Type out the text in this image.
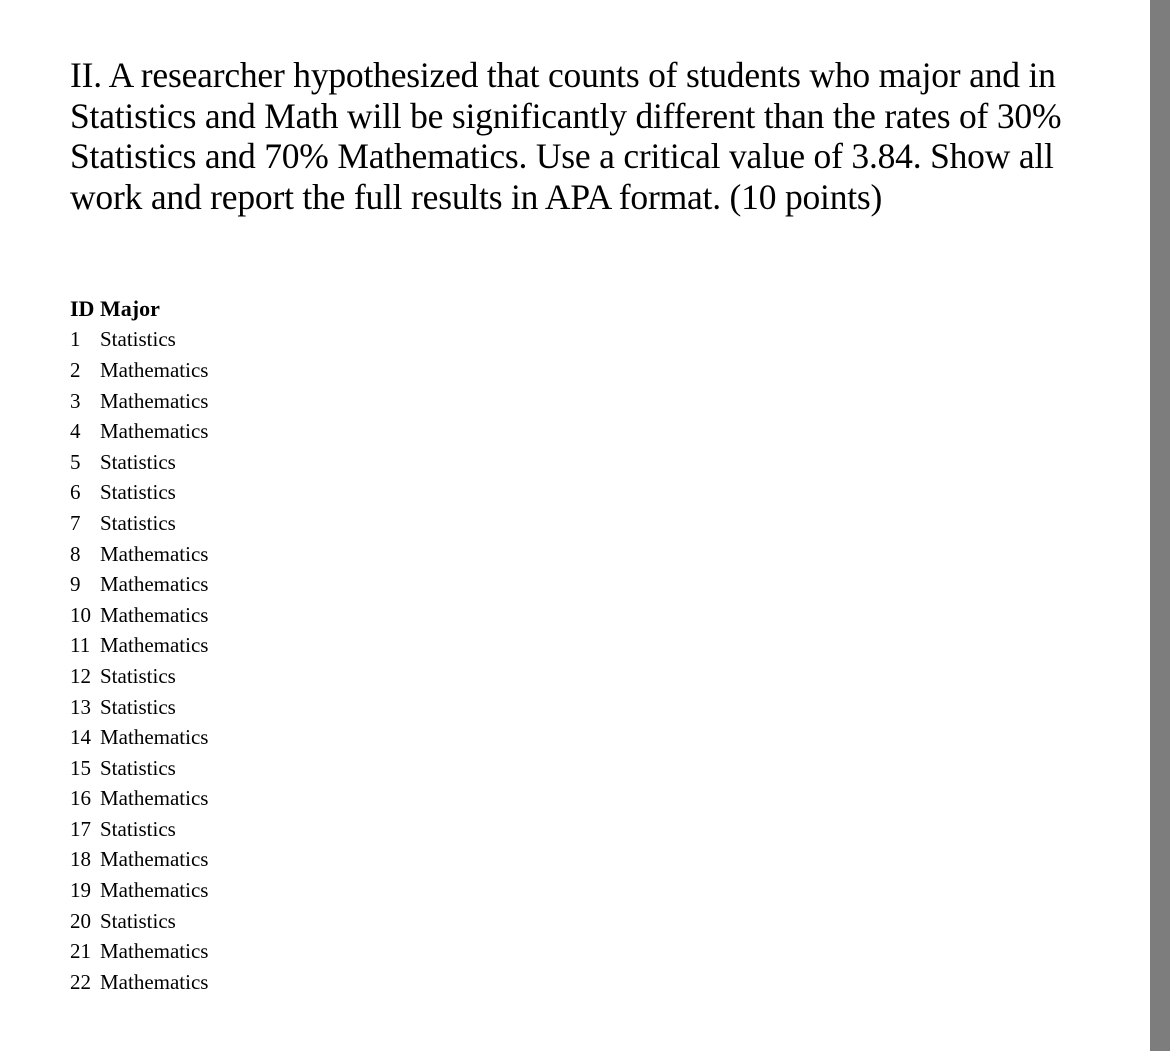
II. A researcher hypothesized that counts of students who major and in Statistics and Math will be significantly different than the rates of 30% Statistics and 70% Mathematics. Use a critical value of 3.84. Show all work and report the full results in APA format. (10 points)

ID	Major
1	Statistics
2	Mathematics
3	Mathematics
4	Mathematics
5	Statistics
6	Statistics
7	Statistics
8	Mathematics
9	Mathematics
10	Mathematics
11	Mathematics
12	Statistics
13	Statistics
14	Mathematics
15	Statistics
16	Mathematics
17	Statistics
18	Mathematics
19	Mathematics
20	Statistics
21	Mathematics
22	Mathematics
